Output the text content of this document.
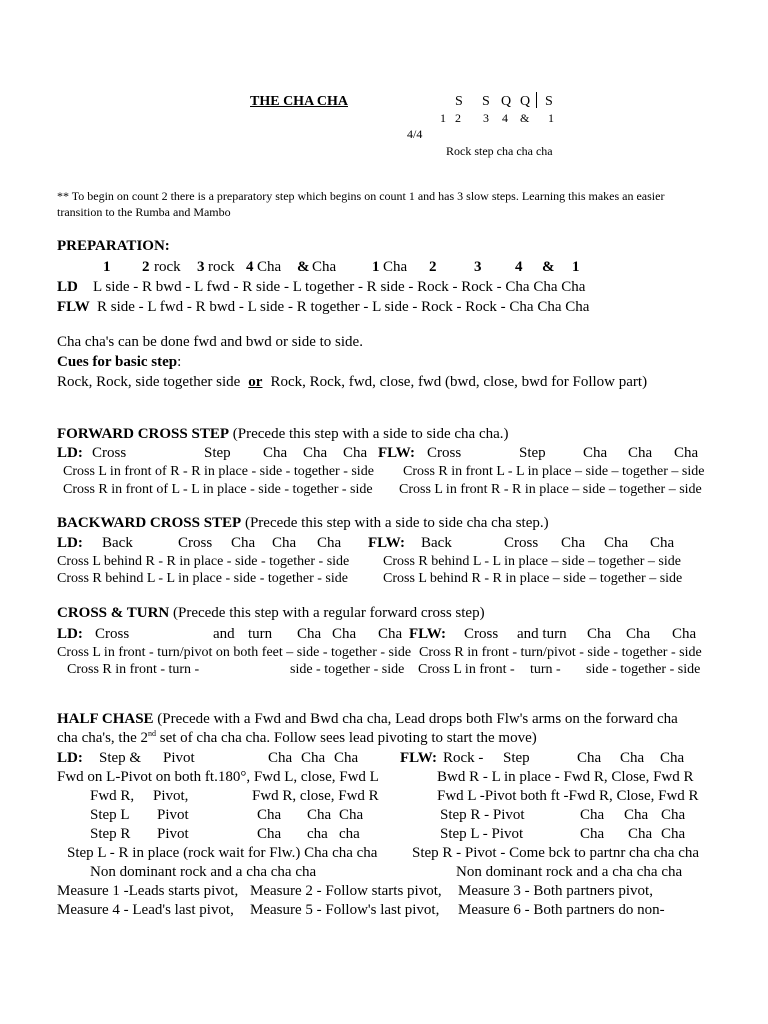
THE CHA CHA	S S Q Q S
1 2 3 4 & 1
4/4
Rock step cha cha cha
** To begin on count 2 there is a preparatory step which begins on count 1 and has 3 slow steps. Learning this makes an easier
transition to the Rumba and Mambo
PREPARATION:
1 2 rock 3 rock 4 Cha & Cha 1 Cha 2	3 4 & 1
LD L side - R bwd - L fwd - R side - L together - R side - Rock - Rock - Cha Cha Cha
FLW R side - L fwd - R bwd - L side - R together - L side - Rock - Rock - Cha Cha Cha
Cha cha's can be done fwd and bwd or side to side.
Cues for basic step:
Rock, Rock, side together side or Rock, Rock, fwd, close, fwd (bwd, close, bwd for Follow part)
FORWARD CROSS STEP (Precede this step with a side to side cha cha.)
LD: Cross	Step Cha Cha Cha FLW: Cross	Step Cha Cha Cha
Cross L in front of R - R in place - side - together - side Cross R in front L - L in place – side – together – side
Cross R in front of L - L in place - side - together - side Cross L in front R - R in place – side – together – side
BACKWARD CROSS STEP (Precede this step with a side to side cha cha step.)
LD: Back	Cross Cha Cha Cha FLW: Back	Cross Cha Cha Cha
Cross L behind R - R in place - side - together - side Cross R behind L - L in place – side – together – side
Cross R behind L - L in place - side - together - side	Cross L behind R - R in place – side – together – side
CROSS & TURN (Precede this step with a regular forward cross step)
LD: Cross	and turn Cha Cha Cha FLW: Cross and turn Cha Cha Cha
Cross L in front - turn/pivot on both feet – side - together - side Cross R in front - turn/pivot - side - together - side
Cross R in front - turn -	side - together - side Cross L in front - turn - side - together - side
HALF CHASE (Precede with a Fwd and Bwd cha cha, Lead drops both Flw's arms on the forward cha
cha cha's, the 2nd set of cha cha cha. Follow sees lead pivoting to start the move)
LD: Step & Pivot	Cha Cha Cha	FLW: Rock - Step	Cha Cha Cha
Fwd on L-Pivot on both ft.180°, Fwd L, close, Fwd L	Bwd R - L in place - Fwd R, Close, Fwd R
Fwd R, Pivot,	Fwd R, close, Fwd R	Fwd L -Pivot both ft -Fwd R, Close, Fwd R
Step L Pivot	Cha Cha Cha	Step R - Pivot	Cha Cha Cha
Step R Pivot	Cha cha cha	Step L - Pivot	Cha Cha Cha
Step L - R in place (rock wait for Flw.) Cha cha cha Step R - Pivot - Come bck to partnr cha cha cha
Non dominant rock and a cha cha cha	Non dominant rock and a cha cha cha
Measure 1 -Leads starts pivot, Measure 2 - Follow starts pivot, Measure 3 - Both partners pivot,
Measure 4 - Lead's last pivot, Measure 5 - Follow's last pivot, Measure 6 - Both partners do non-
